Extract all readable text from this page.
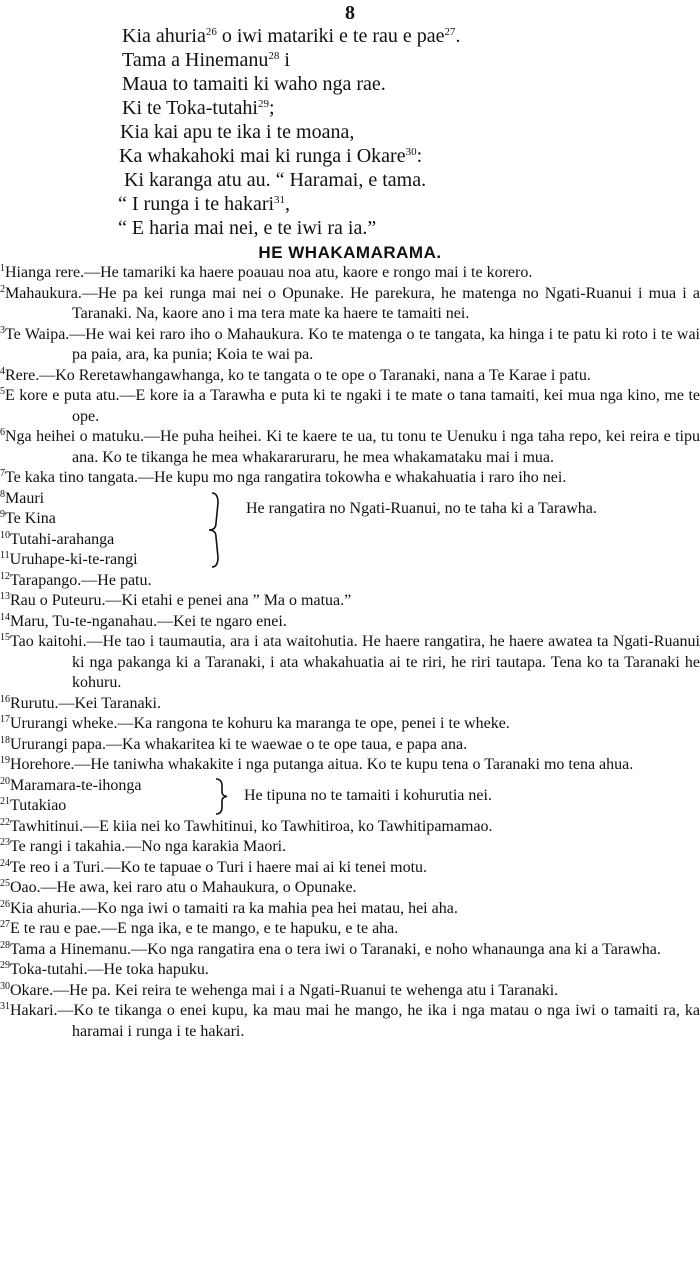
8
Kia ahuria$^{26}$ o iwi matariki e te rau e pae$^{27}$.
Tama a Hinemanu$^{28}$ i
Maua to tamaiti ki waho nga rae.
Ki te Toka-tutahi$^{29}$;
Kia kai apu te ika i te moana,
Ka whakahoki mai ki runga i Okare$^{30}$:
Ki karanga atu au. “ Haramai, e tama.
“ I runga i te hakari$^{31}$,
“ E haria mai nei, e te iwi ra ia.”
HE WHAKAMARAMA.
$^1$Hianga rere.—He tamariki ka haere poauau noa atu, kaore e rongo mai i te korero.
$^2$Mahaukura.—He pa kei runga mai nei o Opunake. He parekura, he matenga no Ngati-Ruanui i mua i a Taranaki. Na, kaore ano i ma tera mate ka haere te tamaiti nei.
$^3$Te Waipa.—He wai kei raro iho o Mahaukura. Ko te matenga o te tangata, ka hinga i te patu ki roto i te wai pa paia, ara, ka punia; Koia te wai pa.
$^4$Rere.—Ko Reretawhangawhanga, ko te tangata o te ope o Taranaki, nana a Te Karae i patu.
$^5$E kore e puta atu.—E kore ia a Tarawha e puta ki te ngaki i te mate o tana tamaiti, kei mua nga kino, me te ope.
$^6$Nga heihei o matuku.—He puha heihei. Ki te kaere te ua, tu tonu te Uenuku i nga taha repo, kei reira e tipu ana. Ko te tikanga he mea whakararuraru, he mea whakamataku mai i mua.
$^7$Te kaka tino tangata.—He kupu mo nga rangatira tokowha e whakahuatia i raro iho nei.
$^8$Mauri
$^9$Te Kina
$^{10}$Tutahi-arahanga
$^{11}$Uruhape-ki-te-rangi
He rangatira no Ngati-Ruanui, no te taha ki a Tarawha.
$^{12}$Tarapango.—He patu.
$^{13}$Rau o Puteuru.—Ki etahi e penei ana ” Ma o matua.”
$^{14}$Maru, Tu-te-nganahau.—Kei te ngaro enei.
$^{15}$Tao kaitohi.—He tao i taumautia, ara i ata waitohutia. He haere rangatira, he haere awatea ta Ngati-Ruanui ki nga pakanga ki a Taranaki, i ata whakahuatia ai te riri, he riri tautapa. Tena ko ta Taranaki he kohuru.
$^{16}$Rurutu.—Kei Taranaki.
$^{17}$Ururangi wheke.—Ka rangona te kohuru ka maranga te ope, penei i te wheke.
$^{18}$Ururangi papa.—Ka whakaritea ki te waewae o te ope taua, e papa ana.
$^{19}$Horehore.—He taniwha whakakite i nga putanga aitua. Ko te kupu tena o Taranaki mo tena ahua.
$^{20}$Maramara-te-ihonga
$^{21}$Tutakiao
He tipuna no te tamaiti i kohurutia nei.
$^{22}$Tawhitinui.—E kiia nei ko Tawhitinui, ko Tawhitiroa, ko Tawhitipamamao.
$^{23}$Te rangi i takahia.—No nga karakia Maori.
$^{24}$Te reo i a Turi.—Ko te tapuae o Turi i haere mai ai ki tenei motu.
$^{25}$Oao.—He awa, kei raro atu o Mahaukura, o Opunake.
$^{26}$Kia ahuria.—Ko nga iwi o tamaiti ra ka mahia pea hei matau, hei aha.
$^{27}$E te rau e pae.—E nga ika, e te mango, e te hapuku, e te aha.
$^{28}$Tama a Hinemanu.—Ko nga rangatira ena o tera iwi o Taranaki, e noho whanaunga ana ki a Tarawha.
$^{29}$Toka-tutahi.—He toka hapuku.
$^{30}$Okare.—He pa. Kei reira te wehenga mai i a Ngati-Ruanui te wehenga atu i Taranaki.
$^{31}$Hakari.—Ko te tikanga o enei kupu, ka mau mai he mango, he ika i nga matau o nga iwi o tamaiti ra, ka haramai i runga i te hakari.
